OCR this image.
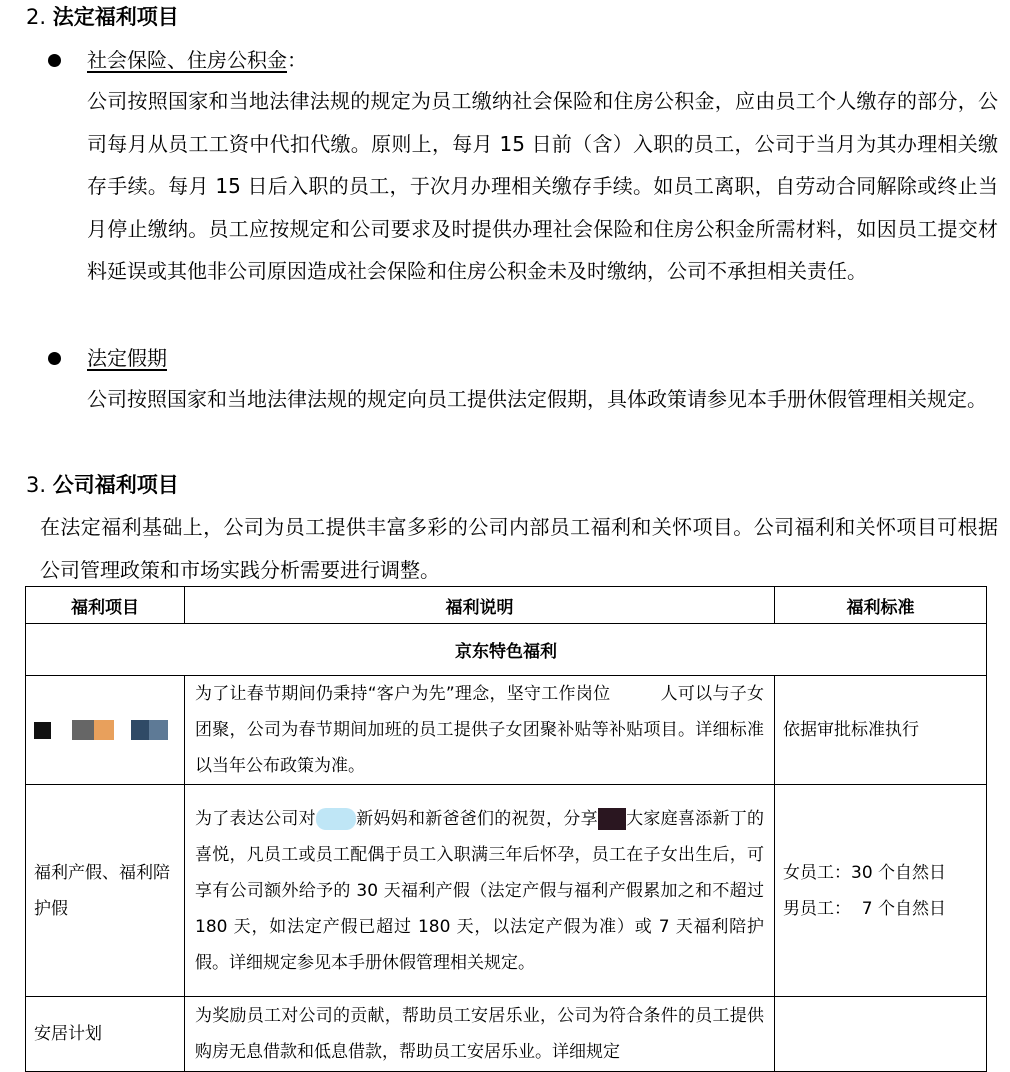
2. 法定福利项目
社会保险、住房公积金：

公司按照国家和当地法律法规的规定为员工缴纳社会保险和住房公积金，应由员工个人缴存的部分，公司每月从员工工资中代扣代缴。原则上，每月 15 日前（含）入职的员工，公司于当月为其办理相关缴存手续。每月 15 日后入职的员工，于次月办理相关缴存手续。如员工离职，自劳动合同解除或终止当月停止缴纳。员工应按规定和公司要求及时提供办理社会保险和住房公积金所需材料，如因员工提交材料延误或其他非公司原因造成社会保险和住房公积金未及时缴纳，公司不承担相关责任。

法定假期

公司按照国家和当地法律法规的规定向员工提供法定假期，具体政策请参见本手册休假管理相关规定。

3. 公司福利项目

在法定福利基础上，公司为员工提供丰富多彩的公司内部员工福利和关怀项目。公司福利和关怀项目可根据公司管理政策和市场实践分析需要进行调整。

福利项目	福利说明	福利标准
京东特色福利		
	为了让春节期间仍秉持“客户为先”理念，坚守工作岗位 人可以与子女团聚，公司为春节期间加班的员工提供子女团聚补贴等补贴项目。详细标准以当年公布政策为准。	依据审批标准执行
福利产假、福利陪护假	为了表达公司对 新妈妈和新爸爸们的祝贺，分享 大家庭喜添新丁的喜悦，凡员工或员工配偶于员工入职满三年后怀孕，员工在子女出生后，可享有公司额外给予的 30 天福利产假（法定产假与福利产假累加之和不超过 180 天，如法定产假已超过 180 天，以法定产假为准）或 7 天福利陪护假。详细规定参见本手册休假管理相关规定。	女员工：30 个自然日
男员工：  7 个自然日

安居计划	为奖励员工对公司的贡献，帮助员工安居乐业，公司为符合条件的员工提供购房无息借款和低息借款，帮助员工安居乐业。详细规定	
